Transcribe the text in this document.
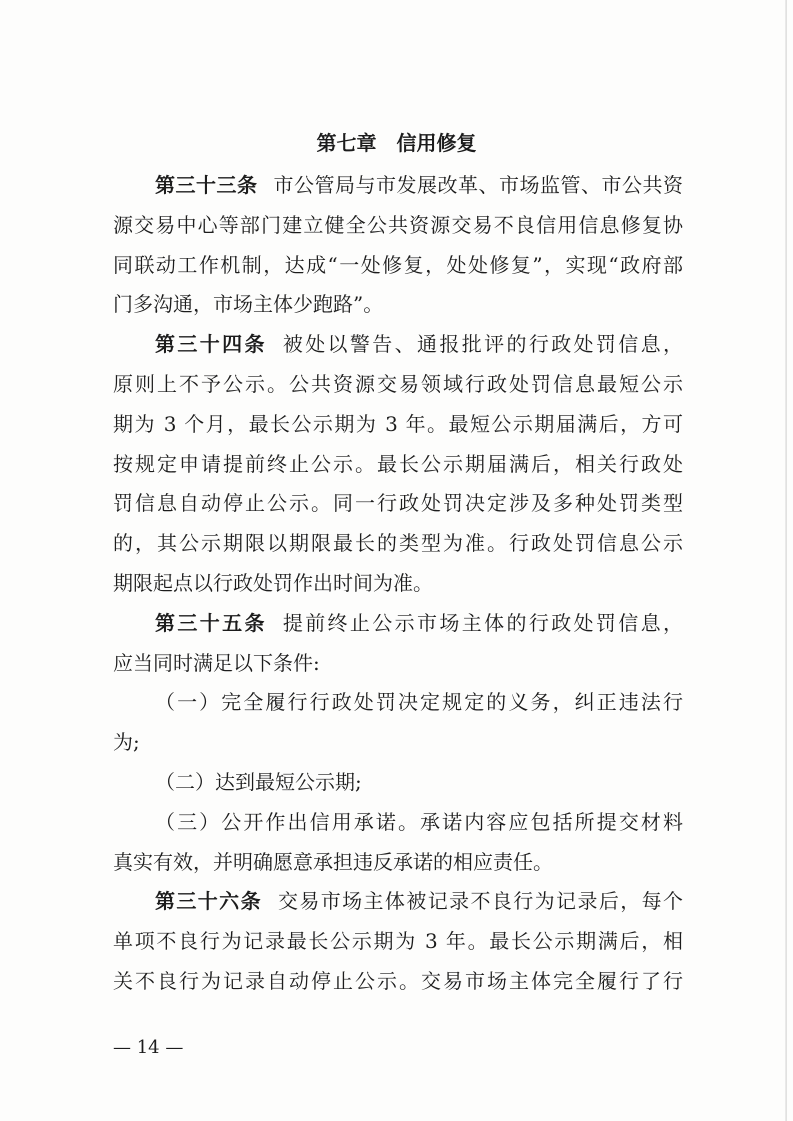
第七章　信用修复
第三十三条 市公管局与市发展改革、市场监管、市公共资
源交易中心等部门建立健全公共资源交易不良信用信息修复协
同联动工作机制，达成“一处修复，处处修复”，实现“政府部
门多沟通，市场主体少跑路”。
第三十四条 被处以警告、通报批评的行政处罚信息，
原则上不予公示。公共资源交易领域行政处罚信息最短公示
期为 3 个月，最长公示期为 3 年。最短公示期届满后，方可
按规定申请提前终止公示。最长公示期届满后，相关行政处
罚信息自动停止公示。同一行政处罚决定涉及多种处罚类型
的，其公示期限以期限最长的类型为准。行政处罚信息公示
期限起点以行政处罚作出时间为准。
第三十五条 提前终止公示市场主体的行政处罚信息，
应当同时满足以下条件:
（一）完全履行行政处罚决定规定的义务，纠正违法行
为;
（二）达到最短公示期;
（三）公开作出信用承诺。承诺内容应包括所提交材料
真实有效，并明确愿意承担违反承诺的相应责任。
第三十六条 交易市场主体被记录不良行为记录后，每个
单项不良行为记录最长公示期为 3 年。最长公示期满后，相
关不良行为记录自动停止公示。交易市场主体完全履行了行
— 14 —
